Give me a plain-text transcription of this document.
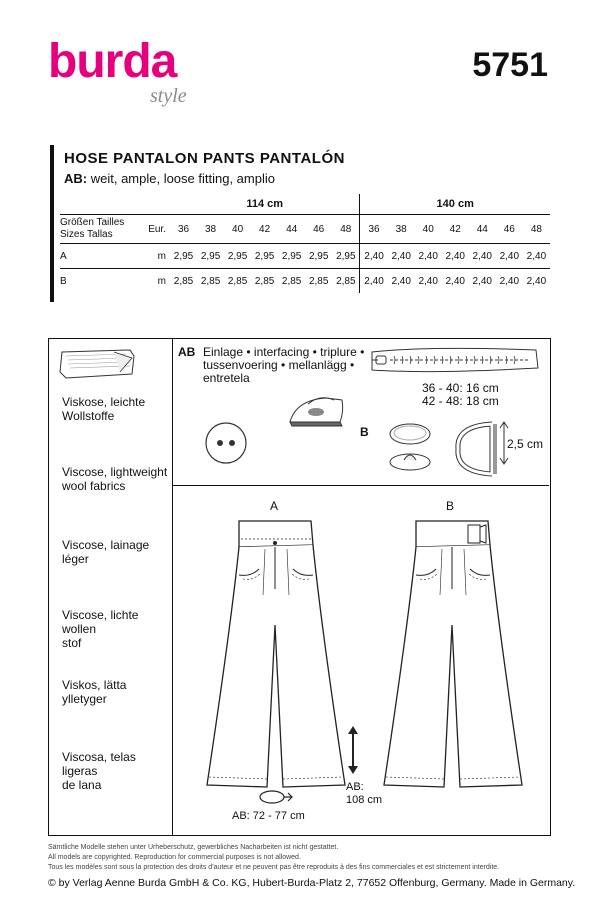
burda
style
5751
HOSE PANTALON PANTS PANTALÓN
AB: weit, ample, loose fitting, amplio
		114 cm							140 cm						

Größen Tailles
Sizes Tallas	Eur.	36	38	40	42	44	46	48	36	38	40	42	44	46	48
A	m	2,95	2,95	2,95	2,95	2,95	2,95	2,95	2,40	2,40	2,40	2,40	2,40	2,40	2,40
B	m	2,85	2,85	2,85	2,85	2,85	2,85	2,85	2,40	2,40	2,40	2,40	2,40	2,40	2,40
Viskose, leichte
Wollstoffe
Viscose, lightweight
wool fabrics
Viscose, lainage léger
Viscose, lichte wollen
stof
Viskos, lätta ylletyger
Viscosa, telas ligeras
de lana
AB Einlage • interfacing • triplure •
tussenvoering • mellanlägg •
entretela
36 - 40: 16 cm
42 - 48: 18 cm
B
2,5 cm
A	B
AB:
108 cm
AB: 72 - 77 cm
Sämtliche Modelle stehen unter Urheberschutz, gewerbliches Nacharbeiten ist nicht gestattet.
All models are copyrighted. Reproduction for commercial purposes is not allowed.
Tous les modèles sont sous la protection des droits d'auteur et ne peuvent pas être reproduits à des fins commerciales et est strictement interdite.
© by Verlag Aenne Burda GmbH & Co. KG, Hubert-Burda-Platz 2, 77652 Offenburg, Germany. Made in Germany.
